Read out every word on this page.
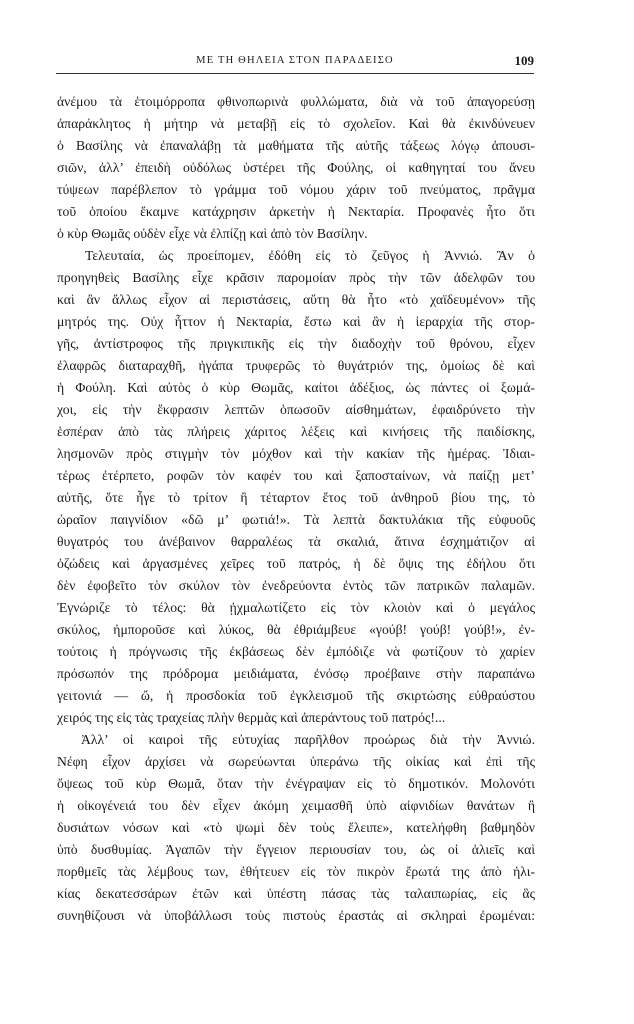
ΜΕ ΤΗ ΘΗΛΕΙΑ ΣΤΟΝ ΠΑΡΑΔΕΙΣΟ	109
ἀνέμου τὰ ἑτοιμόρροπα φθινοπωρινὰ φυλλώματα, διὰ νὰ τοῦ ἀπαγορεύσῃ
ἀπαράκλητος ἡ μήτηρ νὰ μεταβῇ εἰς τὸ σχολεῖον. Καὶ θὰ ἐκινδύνευεν
ὁ Βασίλης νὰ ἐπαναλάβῃ τὰ μαθήματα τῆς αὐτῆς τάξεως λόγῳ ἀπουσι-
σιῶν, ἀλλ’ ἐπειδὴ οὐδόλως ὑστέρει τῆς Φούλης, οἱ καθηγηταί του ἄνευ
τύψεων παρέβλεπον τὸ γράμμα τοῦ νόμου χάριν τοῦ πνεύματος, πρᾶγμα
τοῦ ὁποίου ἔκαμνε κατάχρησιν ἀρκετὴν ἡ Νεκταρία. Προφανὲς ἦτο ὅτι
ὁ κὺρ Θωμᾶς οὐδὲν εἶχε νὰ ἐλπίζῃ καὶ ἀπὸ τὸν Βασίλην.
Τελευταία, ὡς προείπομεν, ἐδόθη εἰς τὸ ζεῦγος ἡ Ἀννιώ. Ἂν ὁ
προηγηθεὶς Βασίλης εἶχε κρᾶσιν παρομοίαν πρὸς τὴν τῶν ἀδελφῶν του
καὶ ἂν ἄλλως εἶχον αἱ περιστάσεις, αὕτη θὰ ἦτο «τὸ χαϊδευμένον» τῆς
μητρός της. Οὐχ ἧττον ἡ Νεκταρία, ἔστω καὶ ἂν ἡ ἱεραρχία τῆς στορ-
γῆς, ἀντίστροφος τῆς πριγκιπικῆς εἰς τὴν διαδοχὴν τοῦ θρόνου, εἶχεν
ἐλαφρῶς διαταραχθῆ, ἠγάπα τρυφερῶς τὸ θυγάτριόν της, ὁμοίως δὲ καὶ
ἡ Φούλη. Καὶ αὐτὸς ὁ κὺρ Θωμᾶς, καίτοι ἀδέξιος, ὡς πάντες οἱ ξωμά-
χοι, εἰς τὴν ἔκφρασιν λεπτῶν ὁπωσοῦν αἰσθημάτων, ἐφαιδρύνετο τὴν
ἑσπέραν ἀπὸ τὰς πλήρεις χάριτος λέξεις καὶ κινήσεις τῆς παιδίσκης,
λησμονῶν πρὸς στιγμὴν τὸν μόχθον καὶ τὴν κακίαν τῆς ἡμέρας. Ἰδιαι-
τέρως ἐτέρπετο, ροφῶν τὸν καφέν του καὶ ξαποσταίνων, νὰ παίζῃ μετ’
αὐτῆς, ὅτε ἦγε τὸ τρίτον ἢ τέταρτον ἔτος τοῦ ἀνθηροῦ βίου της, τὸ
ὡραῖον παιγνίδιον «δῶ μ’ φωτιά!». Τὰ λεπτὰ δακτυλάκια τῆς εὐφυοῦς
θυγατρός του ἀνέβαινον θαρραλέως τὰ σκαλιά, ἅτινα ἐσχημάτιζον αἱ
ὀζώδεις καὶ ἀργασμένες χεῖρες τοῦ πατρός, ἡ δὲ ὄψις της ἐδήλου ὅτι
δὲν ἐφοβεῖτο τὸν σκύλον τὸν ἐνεδρεύοντα ἐντὸς τῶν πατρικῶν παλαμῶν.
Ἐγνώριζε τὸ τέλος: θὰ ᾐχμαλωτίζετο εἰς τὸν κλοιὸν καὶ ὁ μεγάλος
σκύλος, ἠμποροῦσε καὶ λύκος, θὰ ἐθριάμβευε «γούβ! γούβ! γούβ!», ἐν-
τούτοις ἡ πρόγνωσις τῆς ἐκβάσεως δὲν ἐμπόδιζε νὰ φωτίζουν τὸ χαρίεν
πρόσωπόν της πρόδρομα μειδιάματα, ἐνόσῳ προέβαινε στὴν παραπάνω
γειτονιά — ὤ, ἡ προσδοκία τοῦ ἐγκλεισμοῦ τῆς σκιρτώσης εὐθραύστου
χειρός της εἰς τὰς τραχείας πλὴν θερμὰς καὶ ἀπεράντους τοῦ πατρός!...
Ἀλλ’ οἱ καιροὶ τῆς εὐτυχίας παρῆλθον προώρως διὰ τὴν Ἀννιώ.
Νέφη εἶχον ἀρχίσει νὰ σωρεύωνται ὑπεράνω τῆς οἰκίας καὶ ἐπὶ τῆς
ὄψεως τοῦ κὺρ Θωμᾶ, ὅταν τὴν ἐνέγραψαν εἰς τὸ δημοτικόν. Μολονότι
ἡ οἰκογένειά του δὲν εἶχεν ἀκόμη χειμασθῆ ὑπὸ αἰφνιδίων θανάτων ἢ
δυσιάτων νόσων καὶ «τὸ ψωμὶ δὲν τοὺς ἔλειπε», κατελήφθη βαθμηδὸν
ὑπὸ δυσθυμίας. Ἀγαπῶν τὴν ἔγγειον περιουσίαν του, ὡς οἱ ἁλιεῖς καὶ
πορθμεῖς τὰς λέμβους των, ἐθήτευεν εἰς τὸν πικρὸν ἔρωτά της ἀπὸ ἡλι-
κίας δεκατεσσάρων ἐτῶν καὶ ὑπέστη πάσας τὰς ταλαιπωρίας, εἰς ἃς
συνηθίζουσι νὰ ὑποβάλλωσι τοὺς πιστοὺς ἐραστάς αἱ σκληραὶ ἐρωμέναι:
